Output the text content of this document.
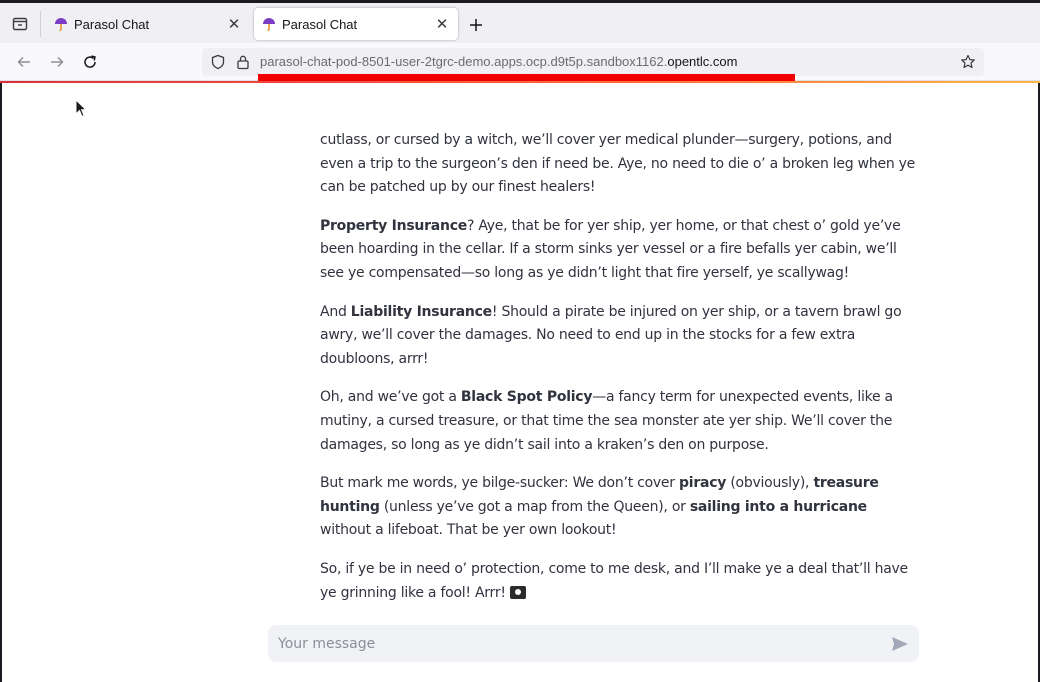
Parasol Chat	✕	Parasol Chat	✕
parasol-chat-pod-8501-user-2tgrc-demo.apps.ocp.d9t5p.sandbox1162.opentlc.com

cutlass, or cursed by a witch, we’ll cover yer medical plunder—surgery, potions, and even a trip to the surgeon’s den if need be. Aye, no need to die o’ a broken leg when ye can be patched up by our finest healers!

Property Insurance? Aye, that be for yer ship, yer home, or that chest o’ gold ye’ve been hoarding in the cellar. If a storm sinks yer vessel or a fire befalls yer cabin, we’ll see ye compensated—so long as ye didn’t light that fire yerself, ye scallywag!

And Liability Insurance! Should a pirate be injured on yer ship, or a tavern brawl go awry, we’ll cover the damages. No need to end up in the stocks for a few extra doubloons, arrr!

Oh, and we’ve got a Black Spot Policy—a fancy term for unexpected events, like a mutiny, a cursed treasure, or that time the sea monster ate yer ship. We’ll cover the damages, so long as ye didn’t sail into a kraken’s den on purpose.

But mark me words, ye bilge-sucker: We don’t cover piracy (obviously), treasure hunting (unless ye’ve got a map from the Queen), or sailing into a hurricane without a lifeboat. That be yer own lookout!

So, if ye be in need o’ protection, come to me desk, and I’ll make ye a deal that’ll have ye grinning like a fool! Arrr!

Your message
